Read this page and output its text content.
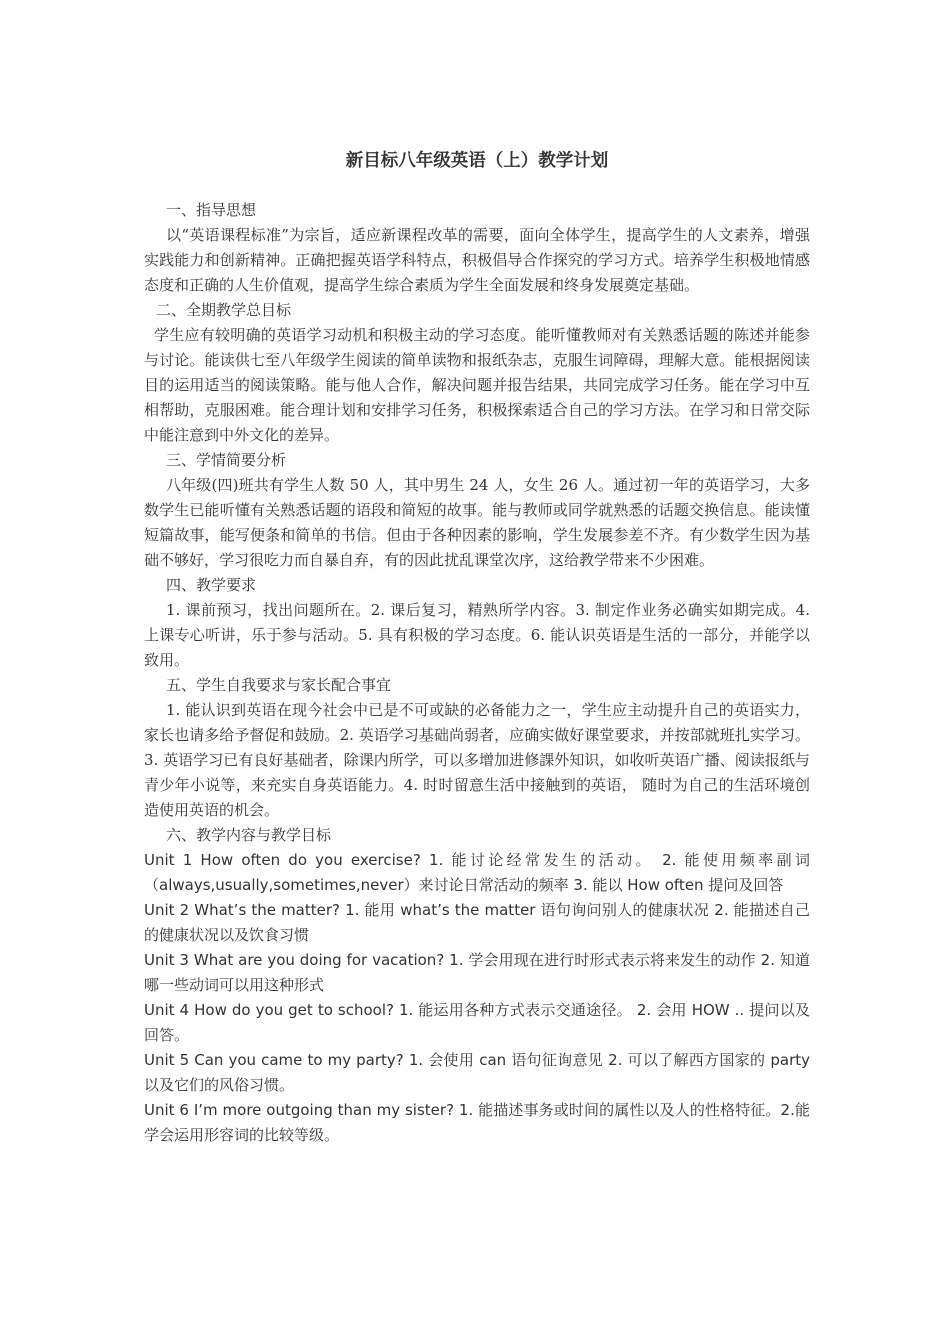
新目标八年级英语（上）教学计划

一、指导思想

以“英语课程标准”为宗旨，适应新课程改革的需要，面向全体学生，提高学生的人文素养，增强实践能力和创新精神。正确把握英语学科特点，积极倡导合作探究的学习方式。培养学生积极地情感态度和正确的人生价值观，提高学生综合素质为学生全面发展和终身发展奠定基础。

二、全期教学总目标

学生应有较明确的英语学习动机和积极主动的学习态度。能听懂教师对有关熟悉话题的陈述并能参与讨论。能读供七至八年级学生阅读的简单读物和报纸杂志，克服生词障碍，理解大意。能根据阅读目的运用适当的阅读策略。能与他人合作，解决问题并报告结果，共同完成学习任务。能在学习中互相帮助，克服困难。能合理计划和安排学习任务，积极探索适合自己的学习方法。在学习和日常交际中能注意到中外文化的差异。

三、学情简要分析

八年级(四)班共有学生人数 50 人，其中男生 24 人，女生 26 人。通过初一年的英语学习，大多数学生已能听懂有关熟悉话题的语段和简短的故事。能与教师或同学就熟悉的话题交换信息。能读懂短篇故事，能写便条和简单的书信。但由于各种因素的影响，学生发展参差不齐。有少数学生因为基础不够好，学习很吃力而自暴自弃，有的因此扰乱课堂次序，这给教学带来不少困难。

四、教学要求

1. 课前预习，找出问题所在。2. 课后复习，精熟所学内容。3. 制定作业务必确实如期完成。4. 上课专心听讲，乐于参与活动。5. 具有积极的学习态度。6. 能认识英语是生活的一部分，并能学以致用。

五、学生自我要求与家长配合事宜

1. 能认识到英语在现今社会中已是不可或缺的必备能力之一，学生应主动提升自己的英语实力，家长也请多给予督促和鼓励。2. 英语学习基础尚弱者，应确实做好课堂要求，并按部就班扎实学习。3. 英语学习已有良好基础者，除课内所学，可以多增加进修課外知识，如收听英语广播、阅读报纸与青少年小说等，来充实自身英语能力。4. 时时留意生活中接触到的英语， 随时为自己的生活环境创造使用英语的机会。

六、教学内容与教学目标

Unit 1 How often do you exercise? 1. 能讨论经常发生的活动。 2. 能使用频率副词（always,usually,sometimes,never）来讨论日常活动的频率 3. 能以 How often 提问及回答

Unit 2 What’s the matter? 1. 能用 what’s the matter 语句询问别人的健康状况 2. 能描述自己的健康状况以及饮食习惯

Unit 3 What are you doing for vacation? 1. 学会用现在进行时形式表示将来发生的动作 2. 知道哪一些动词可以用这种形式

Unit 4 How do you get to school? 1. 能运用各种方式表示交通途径。 2. 会用 HOW .. 提问以及回答。

Unit 5 Can you came to my party? 1. 会使用 can 语句征询意见 2. 可以了解西方国家的 party 以及它们的风俗习惯。

Unit 6 I’m more outgoing than my sister? 1. 能描述事务或时间的属性以及人的性格特征。2.能学会运用形容词的比较等级。
